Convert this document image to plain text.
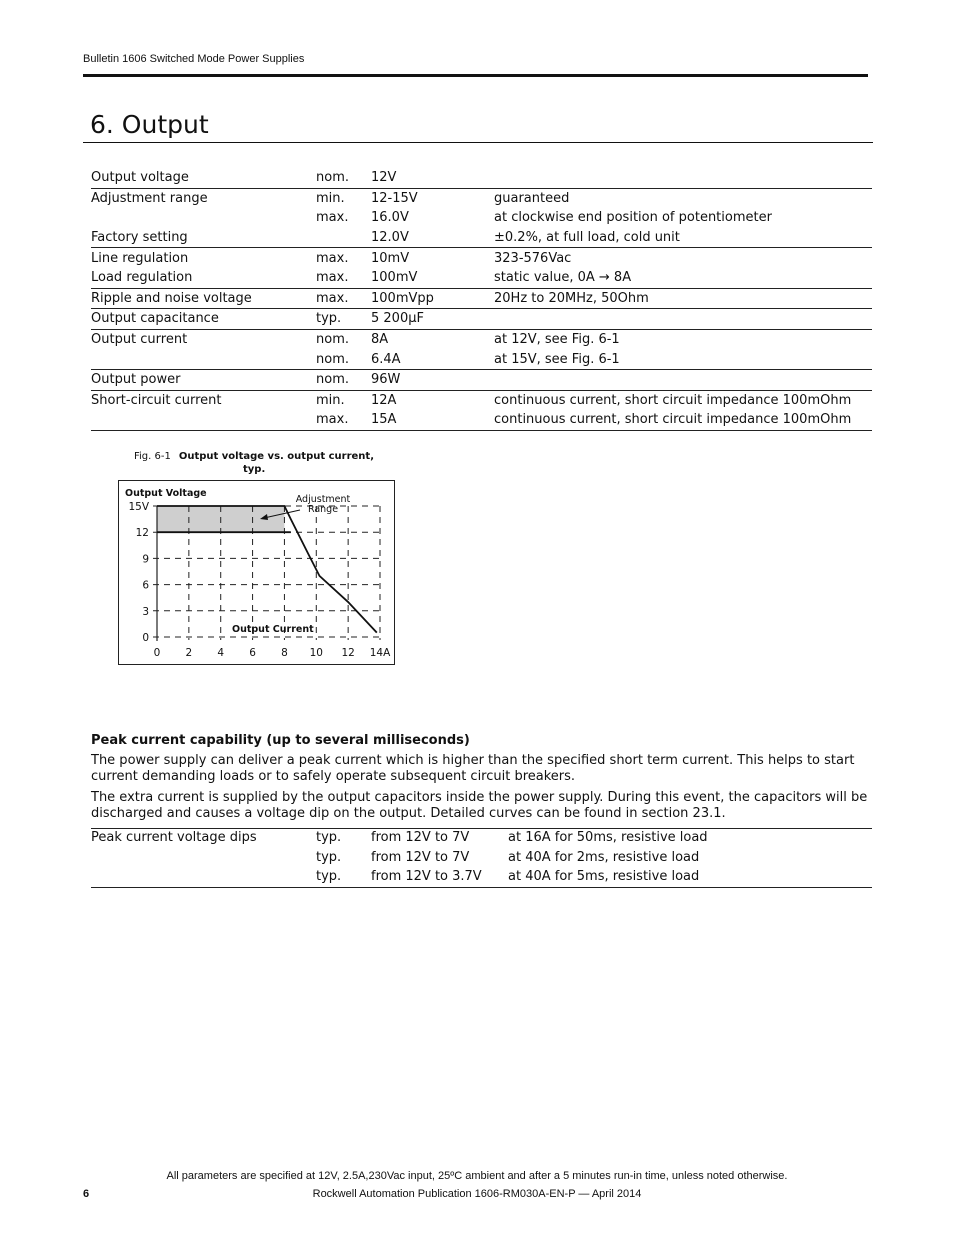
Bulletin 1606 Switched Mode Power Supplies
6. Output
Output voltage	nom.	12V	
Adjustment range	min.	12-15V	guaranteed
	max.	16.0V	at clockwise end position of potentiometer
Factory setting		12.0V	±0.2%, at full load, cold unit
Line regulation	max.	10mV	323-576Vac
Load regulation	max.	100mV	static value, 0A → 8A
Ripple and noise voltage	max.	100mVpp	20Hz to 20MHz, 50Ohm
Output capacitance	typ.	5 200µF	
Output current	nom.	8A	at 12V, see Fig. 6-1
	nom.	6.4A	at 15V, see Fig. 6-1
Output power	nom.	96W	
Short-circuit current	min.	12A	continuous current, short circuit impedance 100mOhm
	max.	15A	continuous current, short circuit impedance 100mOhm
Fig. 6-1 Output voltage vs. output current,
typ.
0 2 4 6 8 10 12 14A
0
3
6
9
12
15V
Output Voltage
Output Current
Adjustment
Range
Peak current capability (up to several milliseconds)
The power supply can deliver a peak current which is higher than the specified short term current. This helps to start current demanding loads or to safely operate subsequent circuit breakers.
The extra current is supplied by the output capacitors inside the power supply. During this event, the capacitors will be discharged and causes a voltage dip on the output. Detailed curves can be found in section 23.1.
Peak current voltage dips	typ.	from 12V to 7V	at 16A for 50ms, resistive load
	typ.	from 12V to 7V	at 40A for 2ms, resistive load
	typ.	from 12V to 3.7V	at 40A for 5ms, resistive load
All parameters are specified at 12V, 2.5A,230Vac input, 25ºC ambient and after a 5 minutes run-in time, unless noted otherwise.
6	Rockwell Automation Publication 1606-RM030A-EN-P — April 2014
